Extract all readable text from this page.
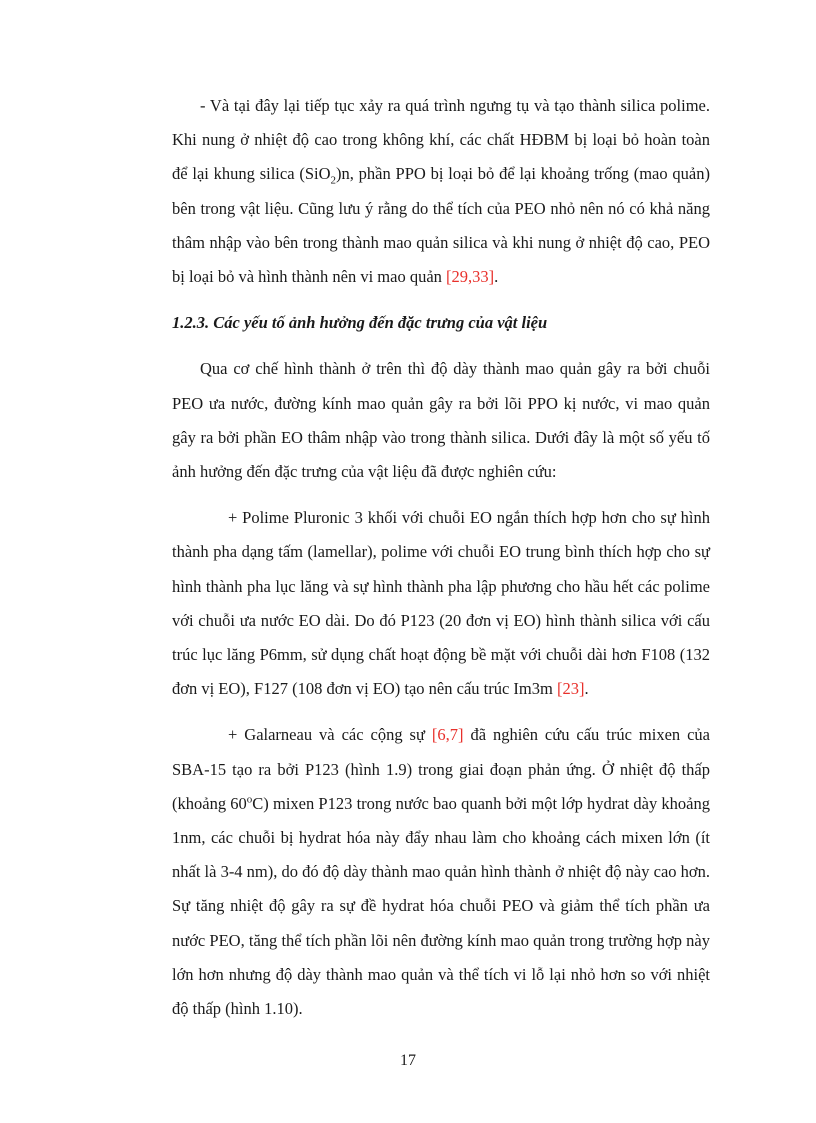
- Và tại đây lại tiếp tục xảy ra quá trình ngưng tụ và tạo thành silica polime. Khi nung ở nhiệt độ cao trong không khí, các chất HĐBM bị loại bỏ hoàn toàn để lại khung silica (SiO$_2$)n, phần PPO bị loại bỏ để lại khoảng trống (mao quản) bên trong vật liệu. Cũng lưu ý rằng do thể tích của PEO nhỏ nên nó có khả năng thâm nhập vào bên trong thành mao quản silica và khi nung ở nhiệt độ cao, PEO bị loại bỏ và hình thành nên vi mao quản [29,33].

1.2.3. Các yếu tố ảnh hưởng đến đặc trưng của vật liệu

Qua cơ chế hình thành ở trên thì độ dày thành mao quản gây ra bởi chuỗi PEO ưa nước, đường kính mao quản gây ra bởi lõi PPO kị nước, vi mao quản gây ra bởi phần EO thâm nhập vào trong thành silica. Dưới đây là một số yếu tố ảnh hưởng đến đặc trưng của vật liệu đã được nghiên cứu:

+ Polime Pluronic 3 khối với chuỗi EO ngắn thích hợp hơn cho sự hình thành pha dạng tấm (lamellar), polime với chuỗi EO trung bình thích hợp cho sự hình thành pha lục lăng và sự hình thành pha lập phương cho hầu hết các polime với chuỗi ưa nước EO dài. Do đó P123 (20 đơn vị EO) hình thành silica với cấu trúc lục lăng P6mm, sử dụng chất hoạt động bề mặt với chuỗi dài hơn F108 (132 đơn vị EO), F127 (108 đơn vị EO) tạo nên cấu trúc Im3m [23].

+ Galarneau và các cộng sự [6,7] đã nghiên cứu cấu trúc mixen của SBA-15 tạo ra bởi P123 (hình 1.9) trong giai đoạn phản ứng. Ở nhiệt độ thấp (khoảng 60$^o$C) mixen P123 trong nước bao quanh bởi một lớp hydrat dày khoảng 1nm, các chuỗi bị hydrat hóa này đẩy nhau làm cho khoảng cách mixen lớn (ít nhất là 3-4 nm), do đó độ dày thành mao quản hình thành ở nhiệt độ này cao hơn. Sự tăng nhiệt độ gây ra sự đề hydrat hóa chuỗi PEO và giảm thể tích phần ưa nước PEO, tăng thể tích phần lõi nên đường kính mao quản trong trường hợp này lớn hơn nhưng độ dày thành mao quản và thể tích vi lỗ lại nhỏ hơn so với nhiệt độ thấp (hình 1.10).

17
